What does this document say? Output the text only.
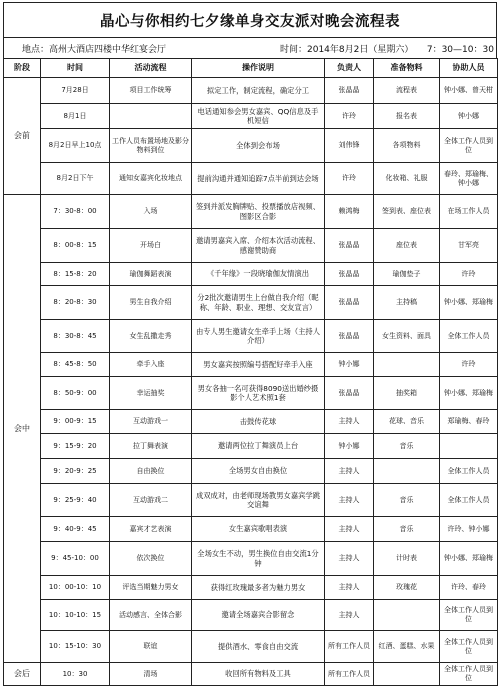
晶心与你相约七夕缘单身交友派对晚会流程表
地点：高州大酒店四楼中华红宴会厅	时间：2014年8月2日（星期六）　　7：30—10：30
阶段	时间	活动流程	操作说明	负责人	准备物料	协助人员
会前	7月28日	项目工作统筹	拟定工作，制定流程，确定分工	张晶晶	流程表	钟小娜、曾天柑
	8月1日		电话通知参会男女嘉宾、QQ信息及手机短信	许玲	报名表	钟小娜
	8月2日早上10点	工作人员布置场地及影分物料到位	全体到会布场	刘伟锋	各项物料	全体工作人员到位
	8月2日下午	通知女嘉宾化妆地点	提前沟通并通知追踪7点半前到达会场	许玲	化妆箱、礼服	春玲、郑瑜梅、钟小娜
会中	7：30-8：00	入场	签到并派发胸牌贴、投票播放店视频、图影区合影	赖鸿梅	签到表、座位表	在场工作人员
	8：00-8：15	开场白	邀请男嘉宾入席、介绍本次活动流程、感谢赞助商	张晶晶	座位表	甘军亮
	8：15-8：20	瑜伽舞蹈表演	《千年缘》一段晓瑜伽友情演出	张晶晶	瑜伽垫子	许玲
	8：20-8：30	男生自我介绍	分2批次邀请男生上台做自我介绍（昵称、年龄、职业、理想、交友宣言）	张晶晶	主持稿	钟小娜、郑瑜梅
	8：30-8：45	女生乱撒走秀	由专人男生邀请女生牵手上场（主持人介绍）	张晶晶	女生资料、面具	全体工作人员
	8：45-8：50	牵手入座	男女嘉宾按照编号搭配好牵手入座	钟小娜		许玲
	8：50-9：00	幸运抽奖	男女各抽一名可获得8090送出婚纱摄影个人艺术照1套	张晶晶	抽奖箱	钟小娜、郑瑜梅
	9：00-9：15	互动游戏一	击鼓传花球	主持人	花球、音乐	郑瑜梅、春玲
	9：15-9：20	拉丁舞表演	邀请两位拉丁舞演员上台	钟小娜	音乐	
	9：20-9：25	自由换位	全场男女自由换位	主持人		全体工作人员
	9：25-9：40	互动游戏二	成双成对，由老师现场教男女嘉宾学跳交谊舞	主持人	音乐	全体工作人员
	9：40-9：45	嘉宾才艺表演	女生嘉宾歌唱表演	主持人	音乐	许玲、钟小娜
	9：45-10：00	依次换位	全场女生不动，男生换位自由交流1分钟	主持人	计时表	钟小娜、郑瑜梅
	10：00-10：10	评选当期魅力男女	获得红玫瑰最多者为魅力男女	主持人	玫瑰花	许玲、春玲
	10：10-10：15	活动感言、全体合影	邀请全场嘉宾合影留念	主持人		全体工作人员到位
	10：15-10：30	联谊	提供酒水、零食自由交流	所有工作人员	红酒、蛋糕、水果	全体工作人员到位
会后	10：30	清场	收回所有物料及工具	所有工作人员		全体工作人员到位
